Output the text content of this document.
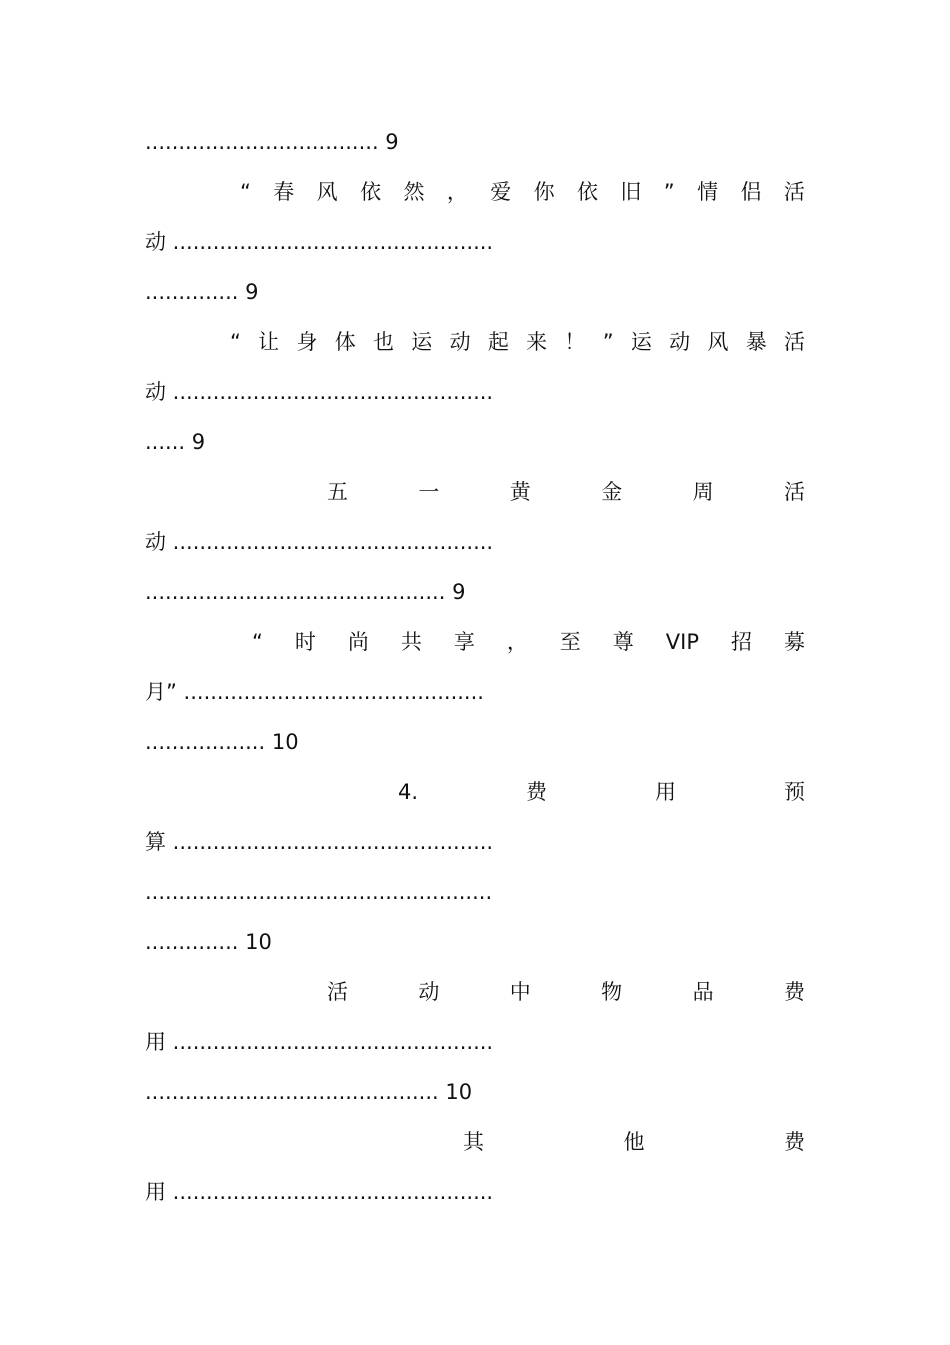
................................... 9
“ 春 风 依 然 ， 爱 你 依 旧 ” 情 侣 活
动 ................................................
.............. 9
“ 让 身 体 也 运 动 起 来 ！ ” 运 动 风 暴 活
动 ................................................
...... 9
五	一	黄	金	周	活
动 ................................................
............................................. 9
“ 时 尚 共 享 ， 至 尊 VIP 招 募
月” .............................................
.................. 10
4.	费	用	预
算 ................................................
....................................................
.............. 10
活	动	中	物	品	费
用 ................................................
............................................ 10
其	他	费
用 ................................................
